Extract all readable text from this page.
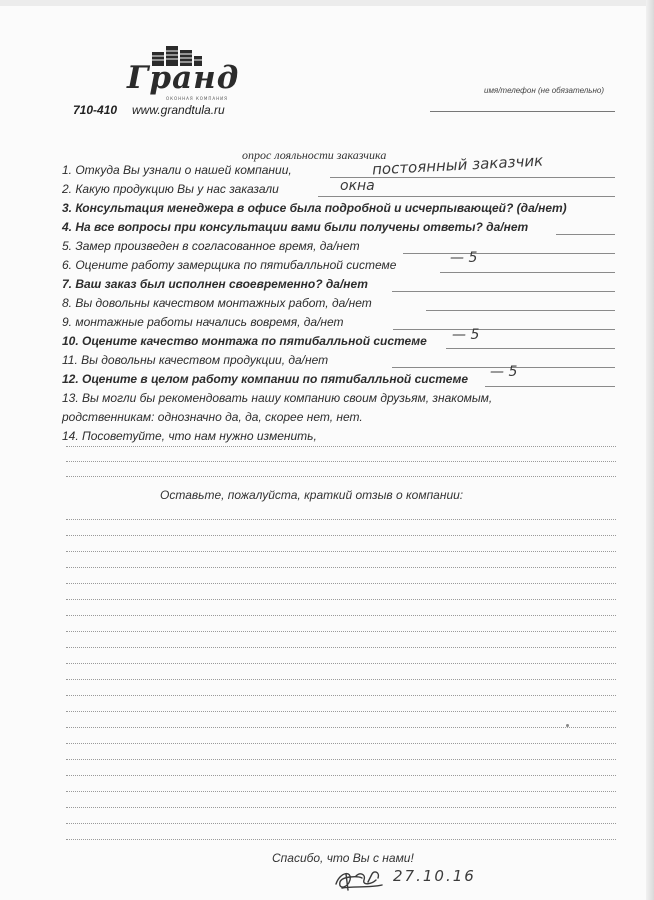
Гранд
ОКОННАЯ КОМПАНИЯ
710-410 www.grandtula.ru
имя/телефон (не обязательно)
опрос лояльности заказчика
1. Откуда Вы узнали о нашей компании,	постоянный заказчик
2. Какую продукцию Вы у нас заказали	окна
3. Консультация менеджера в офисе была подробной и исчерпывающей? (да/нет)
4. На все вопросы при консультации вами были получены ответы? да/нет
5. Замер произведен в согласованное время, да/нет
6. Оцените работу замерщика по пятибалльной системе	— 5
7. Ваш заказ был исполнен своевременно? да/нет
8. Вы довольны качеством монтажных работ, да/нет
9. монтажные работы начались вовремя, да/нет
10. Оцените качество монтажа по пятибалльной системе — 5
11. Вы довольны качеством продукции, да/нет
12. Оцените в целом работу компании по пятибалльной системе — 5
13. Вы могли бы рекомендовать нашу компанию своим друзьям, знакомым,
родственникам: однозначно да, да, скорее нет, нет.
14. Посоветуйте, что нам нужно изменить,
Оставьте, пожалуйста, краткий отзыв о компании:
Спасибо, что Вы с нами!
27.10.16
